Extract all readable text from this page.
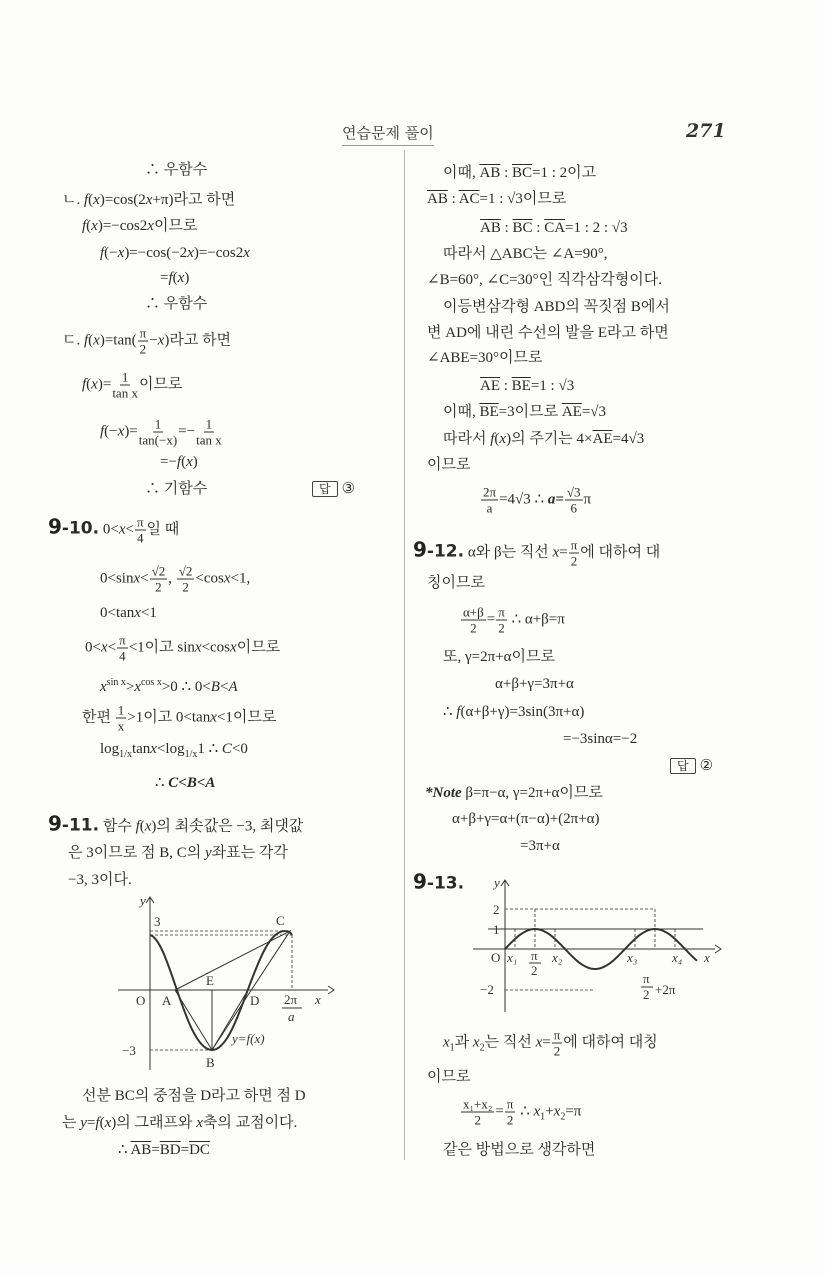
연습문제 풀이	271
∴ 우함수
ㄴ. f(x)=cos(2x+π)라고 하면
f(x)=−cos2x이므로
f(−x)=−cos(−2x)=−cos2x
=f(x)
∴ 우함수
ㄷ. $f(x)=\tan( \frac{\pi}{2} -x)$라고 하면
$f(x)= \frac{1}{\text{tan x}}$ 이므로
$f(-x)= \frac{1}{\tan(-x)} =- \frac{1}{\text{tan x}}$
=−f(x)
∴ 기함수
9-10. $0<x< \frac{\pi}{4}$ 일 때
$0<\sin x< \frac{√2}{2}$ , $\frac{√2}{2} <\cos x<1$,
0<tanx<1
$0<x< \frac{\pi}{4} <1$이고 sinx<cosx이므로
$x^{sin x}>x^{cos x}>0$ ∴ 0<B<A
한편 $\frac{1}{x} >1$이고 0<tanx<1이므로
$\log_{1/x}\tan x<\log_{1/x}1$ ∴ C<0
∴ C<B<A
9-11. 함수 f(x)의 최솟값은 −3, 최댓값
은 3이므로 점 B, C의 y좌표는 각각
−3, 3이다.
선분 BC의 중점을 D라고 하면 점 D
는 y=f(x)의 그래프와 x축의 교점이다.
∴ $\overline{AB}=\overline{BD}=\overline{DC}$
이때, $\overline{AB}$ : $\overline{BC}=1$ : 2이고
$\overline{AB}$ : $\overline{AC}=1$ : √3이므로
$\overline{AB}$ : $\overline{BC}$ : $\overline{CA}=1$ : 2 : √3
따라서 △ABC는 ∠A=90°,
∠B=60°, ∠C=30°인 직각삼각형이다.
이등변삼각형 ABD의 꼭짓점 B에서
변 AD에 내린 수선의 발을 E라고 하면
∠ABE=30°이므로
$\overline{AE}$ : $\overline{BE}=1$ : √3
이때, $\overline{BE}=3$이므로 $\overline{AE}=√3$
따라서 f(x)의 주기는 $4\times\overline{AE}=4√3$
이므로
$\frac{2\pi}{a} =4√3$ ∴ $a= \frac{√3}{6}$ π
9-12. α와 β는 직선 $x= \frac{\pi}{2}$ 에 대하여 대
칭이므로
$\frac{\alpha+\beta}{2} = \frac{\pi}{2}$ ∴ α+β=π
또, γ=2π+α이므로
α+β+γ=3π+α
∴ f(α+β+γ)=3sin(3π+α)
=−3sinα=−2
*Note β=π−α, γ=2π+α이므로
α+β+γ=α+(π−α)+(2π+α)
=3π+α
9-13.
$x_1$과 $x_2$는 직선 $x= \frac{\pi}{2}$ 에 대하여 대칭
이므로
$\frac{\text{x₁+x₂}}{2} = \frac{\pi}{2}$ ∴ $x_1+x_2=\pi$
같은 방법으로 생각하면
답 ③
답 ②
y
3	C
E
O A	D 2π
a
x
y=f(x)
−3
B
y
2
1
O x₁ π
2
x₂	x₃	x₄ x
−2
π
2 +2π
